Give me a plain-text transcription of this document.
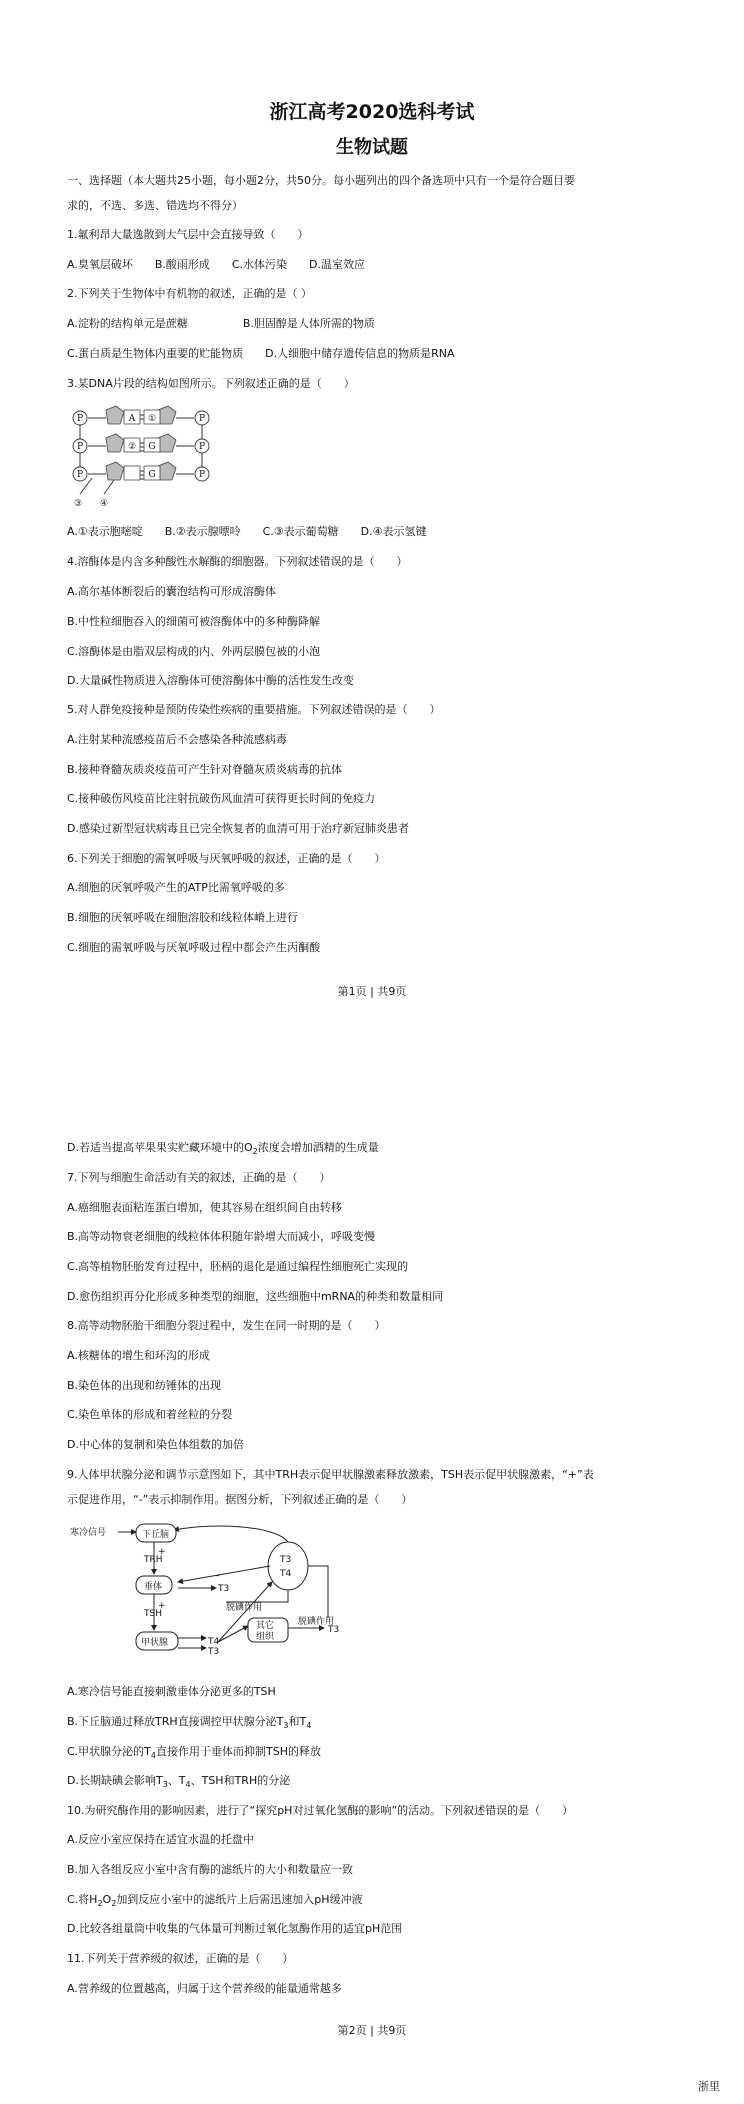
浙江高考2020选科考试
生物试题
一、选择题（本大题共25小题，每小题2分，共50分。每小题列出的四个备选项中只有一个是符合题目要
求的，不选、多选、错选均不得分）
1.氟利昂大量逸散到大气层中会直接导致（　　）
A.臭氧层破坏　　B.酸雨形成　　C.水体污染　　D.温室效应
2.下列关于生物体中有机物的叙述，正确的是（ ）
A.淀粉的结构单元是蔗糖　　　　　B.胆固醇是人体所需的物质
C.蛋白质是生物体内重要的贮能物质　　D.人细胞中储存遗传信息的物质是RNA
3.某DNA片段的结构如图所示。下列叙述正确的是（　　）
P
P
P
P
P
P
A ①
② G
G
③ ④
A.①表示胞嘧啶　　B.②表示腺嘌呤　　C.③表示葡萄糖　　D.④表示氢键
4.溶酶体是内含多种酸性水解酶的细胞器。下列叙述错误的是（　　）
A.高尔基体断裂后的囊泡结构可形成溶酶体
B.中性粒细胞吞入的细菌可被溶酶体中的多种酶降解
C.溶酶体是由脂双层构成的内、外两层膜包被的小泡
D.大量碱性物质进入溶酶体可使溶酶体中酶的活性发生改变
5.对人群免疫接种是预防传染性疾病的重要措施。下列叙述错误的是（　　）
A.注射某种流感疫苗后不会感染各种流感病毒
B.接种脊髓灰质炎疫苗可产生针对脊髓灰质炎病毒的抗体
C.接种破伤风疫苗比注射抗破伤风血清可获得更长时间的免疫力
D.感染过新型冠状病毒且已完全恢复者的血清可用于治疗新冠肺炎患者
6.下列关于细胞的需氧呼吸与厌氧呼吸的叙述，正确的是（　　）
A.细胞的厌氧呼吸产生的ATP比需氧呼吸的多
B.细胞的厌氧呼吸在细胞溶胶和线粒体嵴上进行
C.细胞的需氧呼吸与厌氧呼吸过程中都会产生丙酮酸
第1页 | 共9页
D.若适当提高苹果果实贮藏环境中的$O_2$浓度会增加酒精的生成量
7.下列与细胞生命活动有关的叙述，正确的是（　　）
A.癌细胞表面粘连蛋白增加，使其容易在组织间自由转移
B.高等动物衰老细胞的线粒体体积随年龄增大而减小，呼吸变慢
C.高等植物胚胎发育过程中，胚柄的退化是通过编程性细胞死亡实现的
D.愈伤组织再分化形成多种类型的细胞，这些细胞中mRNA的种类和数量相同
8.高等动物胚胎干细胞分裂过程中，发生在同一时期的是（　　）
A.核糖体的增生和环沟的形成
B.染色体的出现和纺锤体的出现
C.染色单体的形成和着丝粒的分裂
D.中心体的复制和染色体组数的加倍
9.人体甲状腺分泌和调节示意图如下，其中TRH表示促甲状腺激素释放激素，TSH表示促甲状腺激素，“+”表
示促进作用，“-”表示抑制作用。据图分析，下列叙述正确的是（　　）
寒冷信号	下丘脑
TRH
垂体
TSH
甲状腺
T3
T4
T3
T3
T4
脱碘作用
其它
组织
脱碘作用
T3
+
+
-
A.寒冷信号能直接刺激垂体分泌更多的TSH
B.下丘脑通过释放TRH直接调控甲状腺分泌$T_3$和$T_4$
C.甲状腺分泌的$T_4$直接作用于垂体而抑制TSH的释放
D.长期缺碘会影响$T_3$、$T_4$、TSH和TRH的分泌
10.为研究酶作用的影响因素，进行了“探究pH对过氧化氢酶的影响”的活动。下列叙述错误的是（　　）
A.反应小室应保持在适宜水温的托盘中
B.加入各组反应小室中含有酶的滤纸片的大小和数量应一致
C.将$H_2O_2$加到反应小室中的滤纸片上后需迅速加入pH缓冲液
D.比较各组量筒中收集的气体量可判断过氧化氢酶作用的适宜pH范围
11.下列关于营养级的叙述，正确的是（　　）
A.营养级的位置越高，归属于这个营养级的能量通常越多
第2页 | 共9页
浙里
